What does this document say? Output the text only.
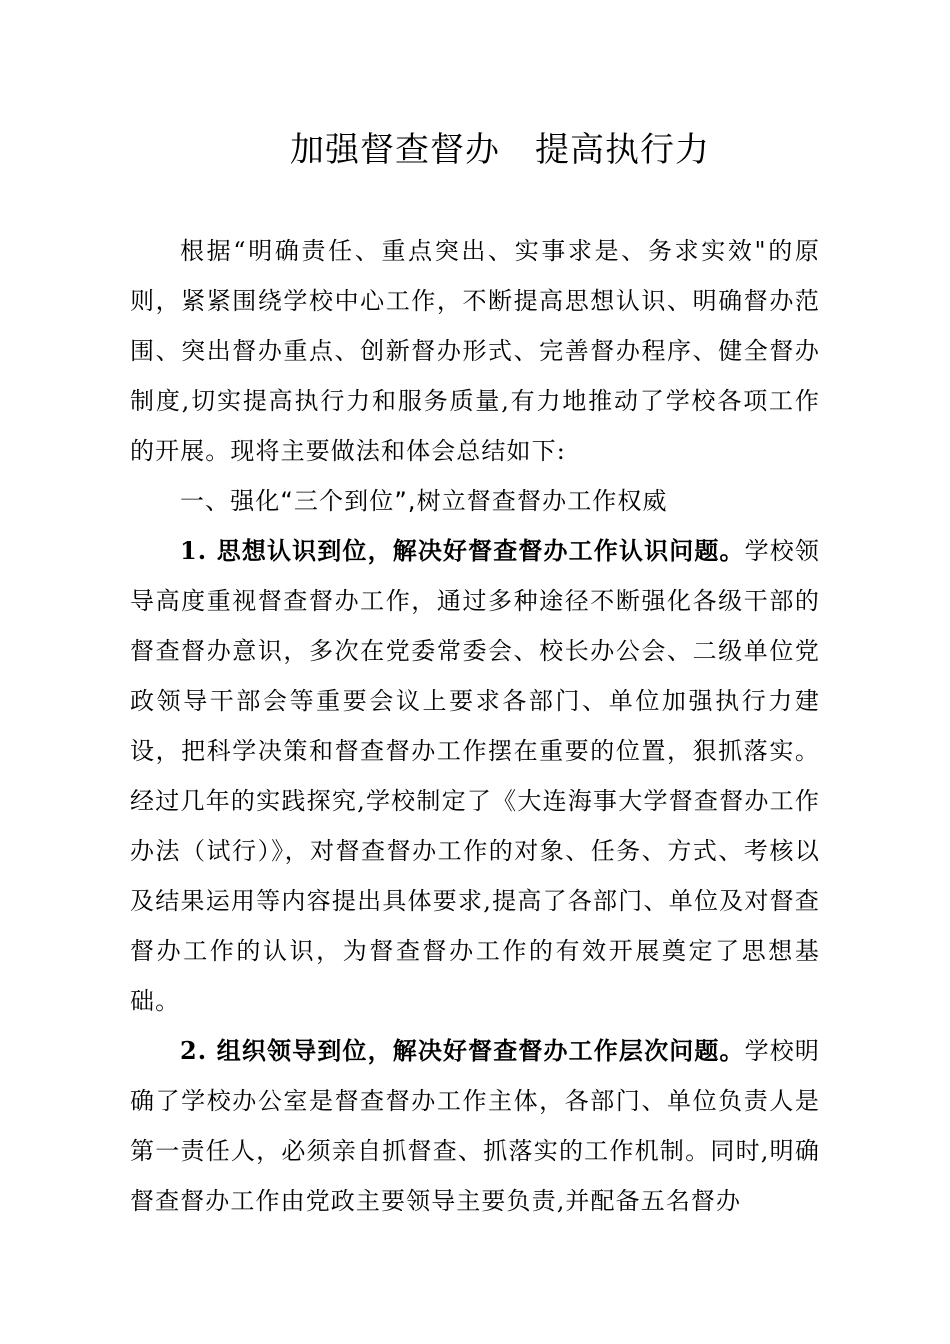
加强督查督办　提高执行力

根据“明确责任、重点突出、实事求是、务求实效"的原则，紧紧围绕学校中心工作，不断提高思想认识、明确督办范围、突出督办重点、创新督办形式、完善督办程序、健全督办制度,切实提高执行力和服务质量,有力地推动了学校各项工作的开展。现将主要做法和体会总结如下:

一、强化“三个到位”,树立督查督办工作权威

1. 思想认识到位，解决好督查督办工作认识问题。学校领导高度重视督查督办工作，通过多种途径不断强化各级干部的督查督办意识，多次在党委常委会、校长办公会、二级单位党政领导干部会等重要会议上要求各部门、单位加强执行力建设，把科学决策和督查督办工作摆在重要的位置，狠抓落实。经过几年的实践探究,学校制定了《大连海事大学督查督办工作办法（试行）》，对督查督办工作的对象、任务、方式、考核以及结果运用等内容提出具体要求,提高了各部门、单位及对督查督办工作的认识，为督查督办工作的有效开展奠定了思想基础。

2. 组织领导到位，解决好督查督办工作层次问题。学校明确了学校办公室是督查督办工作主体，各部门、单位负责人是第一责任人，必须亲自抓督查、抓落实的工作机制。同时,明确督查督办工作由党政主要领导主要负责,并配备五名督办
